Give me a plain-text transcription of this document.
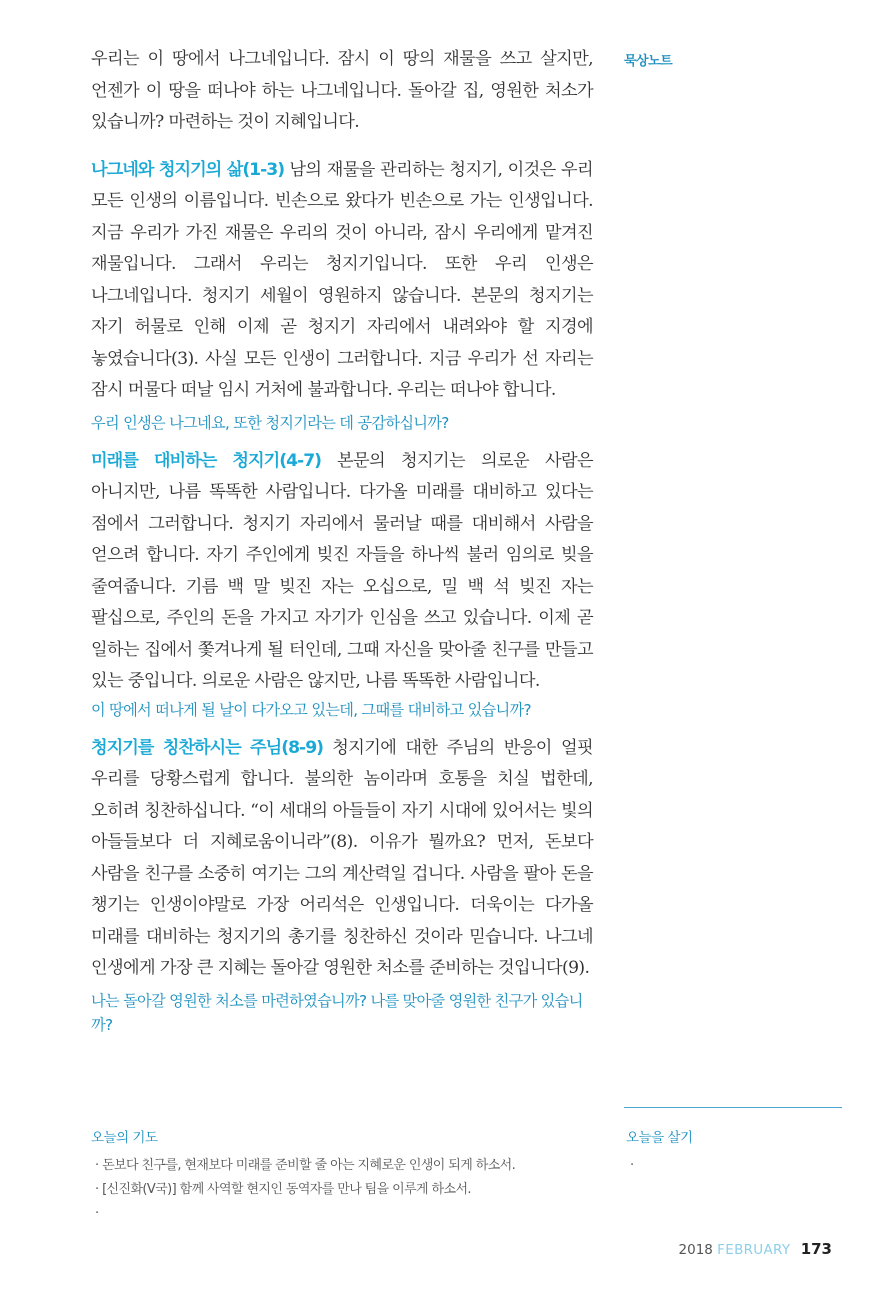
묵상노트

우리는 이 땅에서 나그네입니다. 잠시 이 땅의 재물을 쓰고 살지만, 언젠가 이 땅을 떠나야 하는 나그네입니다. 돌아갈 집, 영원한 처소가 있습니까? 마련하는 것이 지혜입니다.

나그네와 청지기의 삶(1-3) 남의 재물을 관리하는 청지기, 이것은 우리 모든 인생의 이름입니다. 빈손으로 왔다가 빈손으로 가는 인생입니다. 지금 우리가 가진 재물은 우리의 것이 아니라, 잠시 우리에게 맡겨진 재물입니다. 그래서 우리는 청지기입니다. 또한 우리 인생은 나그네입니다. 청지기 세월이 영원하지 않습니다. 본문의 청지기는 자기 허물로 인해 이제 곧 청지기 자리에서 내려와야 할 지경에 놓였습니다(3). 사실 모든 인생이 그러합니다. 지금 우리가 선 자리는 잠시 머물다 떠날 임시 거처에 불과합니다. 우리는 떠나야 합니다.

우리 인생은 나그네요, 또한 청지기라는 데 공감하십니까?

미래를 대비하는 청지기(4-7) 본문의 청지기는 의로운 사람은 아니지만, 나름 똑똑한 사람입니다. 다가올 미래를 대비하고 있다는 점에서 그러합니다. 청지기 자리에서 물러날 때를 대비해서 사람을 얻으려 합니다. 자기 주인에게 빚진 자들을 하나씩 불러 임의로 빚을 줄여줍니다. 기름 백 말 빚진 자는 오십으로, 밀 백 석 빚진 자는 팔십으로, 주인의 돈을 가지고 자기가 인심을 쓰고 있습니다. 이제 곧 일하는 집에서 쫓겨나게 될 터인데, 그때 자신을 맞아줄 친구를 만들고 있는 중입니다. 의로운 사람은 않지만, 나름 똑똑한 사람입니다.

이 땅에서 떠나게 될 날이 다가오고 있는데, 그때를 대비하고 있습니까?

청지기를 칭찬하시는 주님(8-9) 청지기에 대한 주님의 반응이 얼핏 우리를 당황스럽게 합니다. 불의한 놈이라며 호통을 치실 법한데, 오히려 칭찬하십니다. “이 세대의 아들들이 자기 시대에 있어서는 빛의 아들들보다 더 지혜로움이니라”(8). 이유가 뭘까요? 먼저, 돈보다 사람을 친구를 소중히 여기는 그의 계산력일 겁니다. 사람을 팔아 돈을 챙기는 인생이야말로 가장 어리석은 인생입니다. 더욱이는 다가올 미래를 대비하는 청지기의 총기를 칭찬하신 것이라 믿습니다. 나그네 인생에게 가장 큰 지혜는 돌아갈 영원한 처소를 준비하는 것입니다(9).

나는 돌아갈 영원한 처소를 마련하였습니까? 나를 맞아줄 영원한 친구가 있습니까?

오늘의 기도

· 돈보다 친구를, 현재보다 미래를 준비할 줄 아는 지혜로운 인생이 되게 하소서.

· [신진화(V국)] 함께 사역할 현지인 동역자를 만나 팀을 이루게 하소서.

·

오늘을 살기

·

2018 FEBRUARY 173
